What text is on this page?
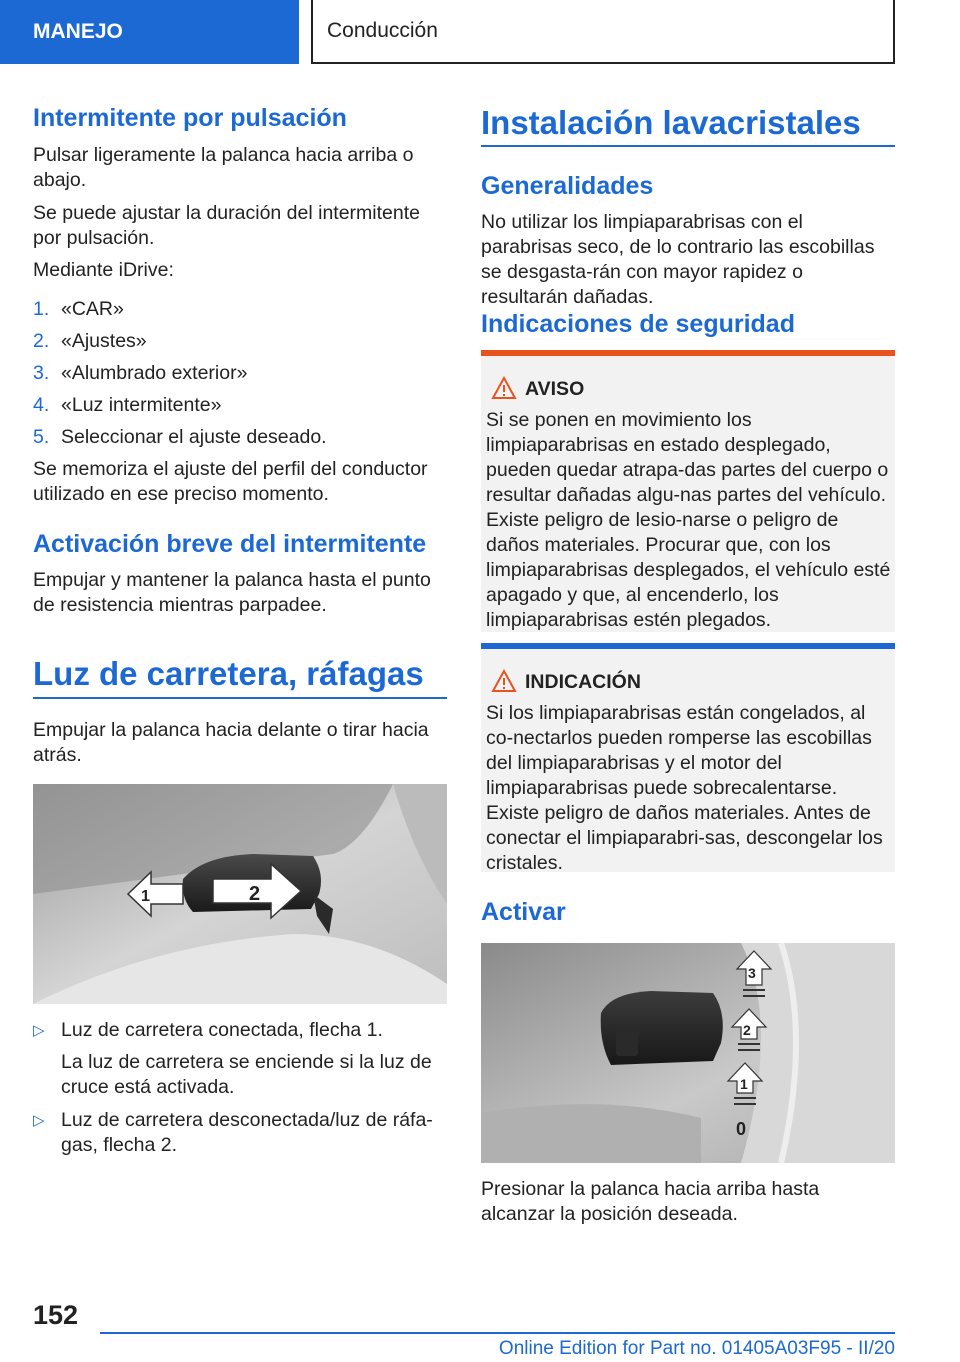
MANEJO	Conducción
Intermitente por pulsación
Pulsar ligeramente la palanca hacia arriba o abajo.
Se puede ajustar la duración del intermitente por pulsación.
Mediante iDrive:
1. «CAR»
2. «Ajustes»
3. «Alumbrado exterior»
4. «Luz intermitente»
5. Seleccionar el ajuste deseado.
Se memoriza el ajuste del perfil del conductor utilizado en ese preciso momento.
Activación breve del intermitente
Empujar y mantener la palanca hasta el punto de resistencia mientras parpadee.
Luz de carretera, ráfagas
Empujar la palanca hacia delante o tirar hacia atrás.
1	2
▷ Luz de carretera conectada, flecha 1.
La luz de carretera se enciende si la luz de cruce está activada.
▷ Luz de carretera desconectada/luz de ráfa-gas, flecha 2.
Instalación lavacristales
Generalidades
No utilizar los limpiaparabrisas con el parabrisas seco, de lo contrario las escobillas se desgasta-rán con mayor rapidez o resultarán dañadas.
Indicaciones de seguridad
AVISO
Si se ponen en movimiento los limpiaparabrisas en estado desplegado, pueden quedar atrapa-das partes del cuerpo o resultar dañadas algu-nas partes del vehículo. Existe peligro de lesio-narse o peligro de daños materiales. Procurar que, con los limpiaparabrisas desplegados, el vehículo esté apagado y que, al encenderlo, los limpiaparabrisas estén plegados.
INDICACIÓN
Si los limpiaparabrisas están congelados, al co-nectarlos pueden romperse las escobillas del limpiaparabrisas y el motor del limpiaparabrisas puede sobrecalentarse. Existe peligro de daños materiales. Antes de conectar el limpiaparabri-sas, descongelar los cristales.
Activar
3
2
1
0
Presionar la palanca hacia arriba hasta alcanzar la posición deseada.
152
Online Edition for Part no. 01405A03F95 - II/20
